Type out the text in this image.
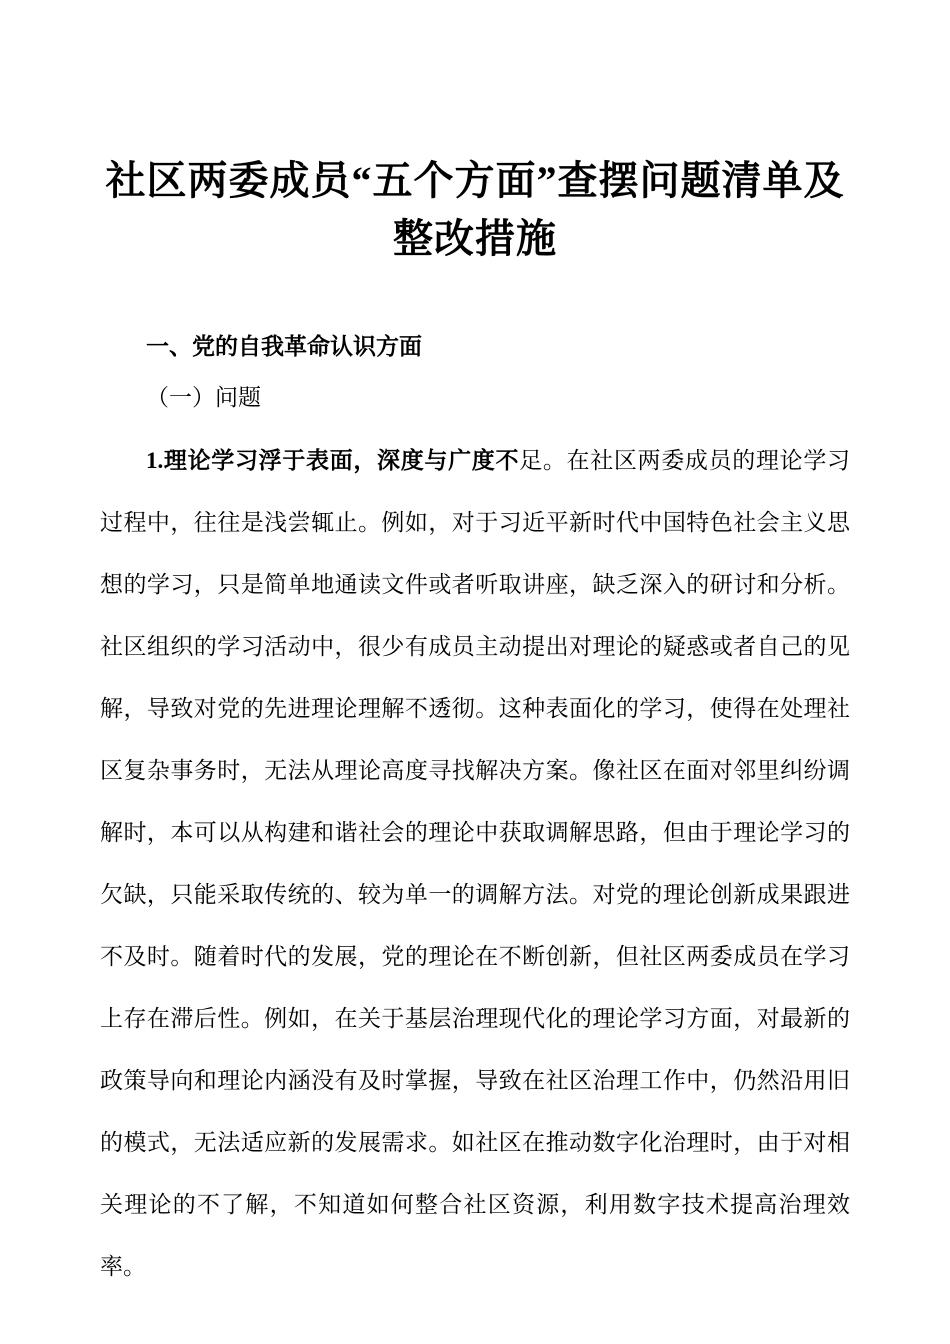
社区两委成员“五个方面”查摆问题清单及整改措施
一、党的自我革命认识方面

（一）问题

1.理论学习浮于表面，深度与广度不足。在社区两委成员的理论学习过程中，往往是浅尝辄止。例如，对于习近平新时代中国特色社会主义思想的学习，只是简单地通读文件或者听取讲座，缺乏深入的研讨和分析。社区组织的学习活动中，很少有成员主动提出对理论的疑惑或者自己的见解，导致对党的先进理论理解不透彻。这种表面化的学习，使得在处理社区复杂事务时，无法从理论高度寻找解决方案。像社区在面对邻里纠纷调解时，本可以从构建和谐社会的理论中获取调解思路，但由于理论学习的欠缺，只能采取传统的、较为单一的调解方法。对党的理论创新成果跟进不及时。随着时代的发展，党的理论在不断创新，但社区两委成员在学习上存在滞后性。例如，在关于基层治理现代化的理论学习方面，对最新的政策导向和理论内涵没有及时掌握，导致在社区治理工作中，仍然沿用旧的模式，无法适应新的发展需求。如社区在推动数字化治理时，由于对相关理论的不了解，不知道如何整合社区资源，利用数字技术提高治理效率。
